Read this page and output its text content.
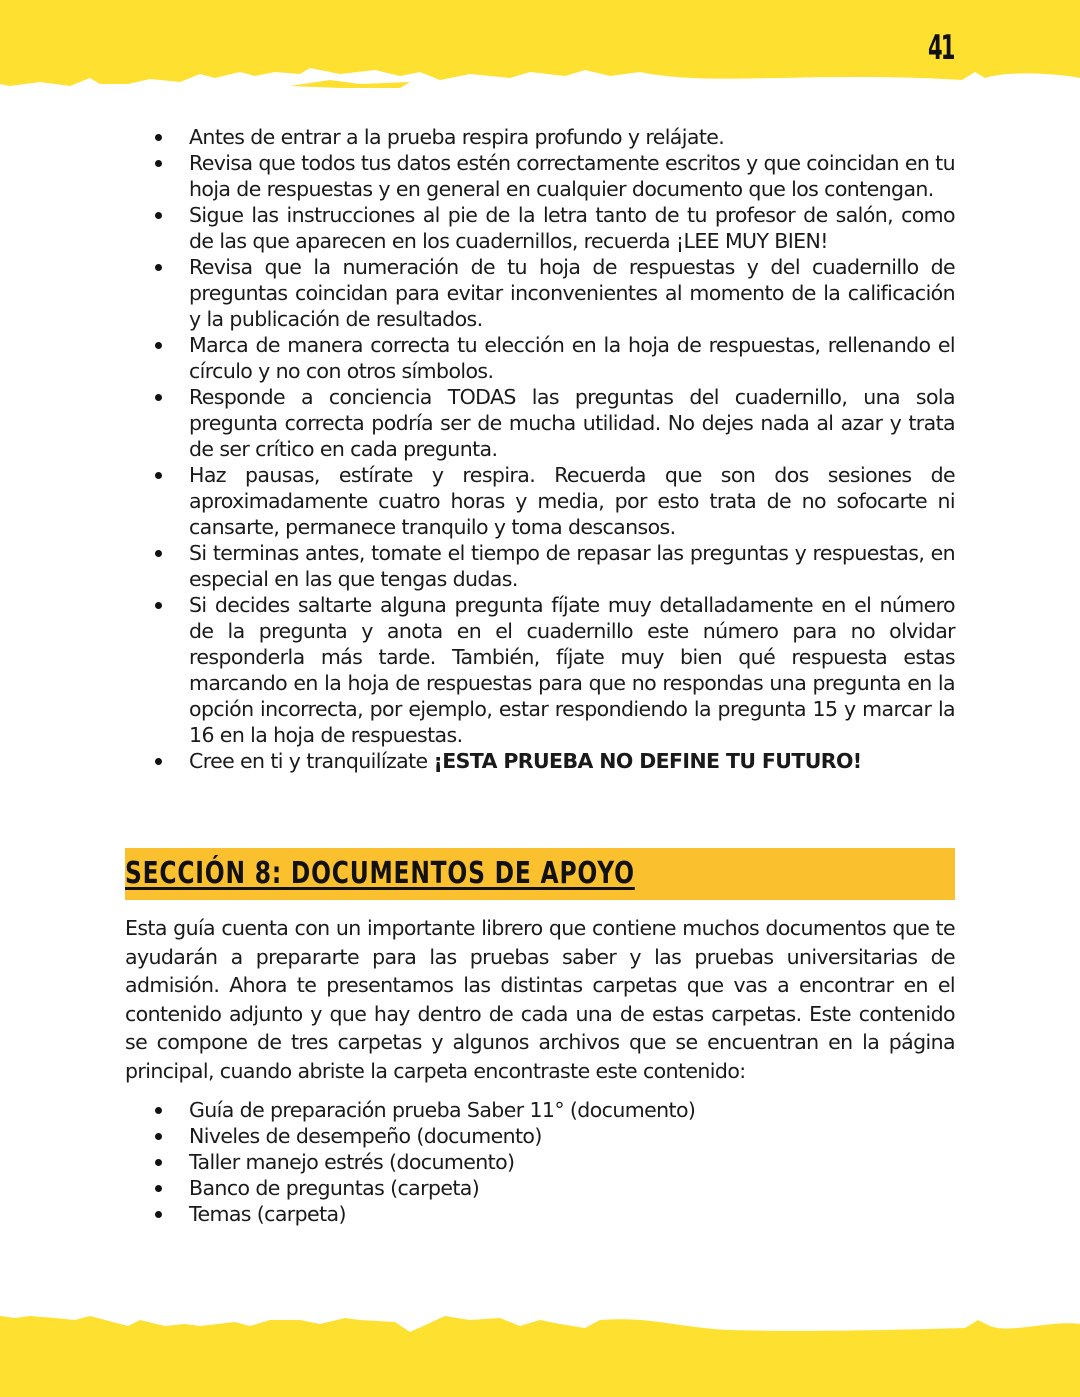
41
Antes de entrar a la prueba respira profundo y relájate.
Revisa que todos tus datos estén correctamente escritos y que coincidan en tu hoja de respuestas y en general en cualquier documento que los contengan.
Sigue las instrucciones al pie de la letra tanto de tu profesor de salón, como de las que aparecen en los cuadernillos, recuerda ¡LEE MUY BIEN!
Revisa que la numeración de tu hoja de respuestas y del cuadernillo de preguntas coincidan para evitar inconvenientes al momento de la calificación y la publicación de resultados.
Marca de manera correcta tu elección en la hoja de respuestas, rellenando el círculo y no con otros símbolos.
Responde a conciencia TODAS las preguntas del cuadernillo, una sola pregunta correcta podría ser de mucha utilidad. No dejes nada al azar y trata de ser crítico en cada pregunta.
Haz pausas, estírate y respira. Recuerda que son dos sesiones de aproximadamente cuatro horas y media, por esto trata de no sofocarte ni cansarte, permanece tranquilo y toma descansos.
Si terminas antes, tomate el tiempo de repasar las preguntas y respuestas, en especial en las que tengas dudas.
Si decides saltarte alguna pregunta fíjate muy detalladamente en el número de la pregunta y anota en el cuadernillo este número para no olvidar responderla más tarde. También, fíjate muy bien qué respuesta estas marcando en la hoja de respuestas para que no respondas una pregunta en la opción incorrecta, por ejemplo, estar respondiendo la pregunta 15 y marcar la 16 en la hoja de respuestas.
Cree en ti y tranquilízate ¡ESTA PRUEBA NO DEFINE TU FUTURO!
SECCIÓN 8: DOCUMENTOS DE APOYO

Esta guía cuenta con un importante librero que contiene muchos documentos que te ayudarán a prepararte para las pruebas saber y las pruebas universitarias de admisión. Ahora te presentamos las distintas carpetas que vas a encontrar en el contenido adjunto y que hay dentro de cada una de estas carpetas. Este contenido se compone de tres carpetas y algunos archivos que se encuentran en la página principal, cuando abriste la carpeta encontraste este contenido:

Guía de preparación prueba Saber 11° (documento)
Niveles de desempeño (documento)
Taller manejo estrés (documento)
Banco de preguntas (carpeta)
Temas (carpeta)
